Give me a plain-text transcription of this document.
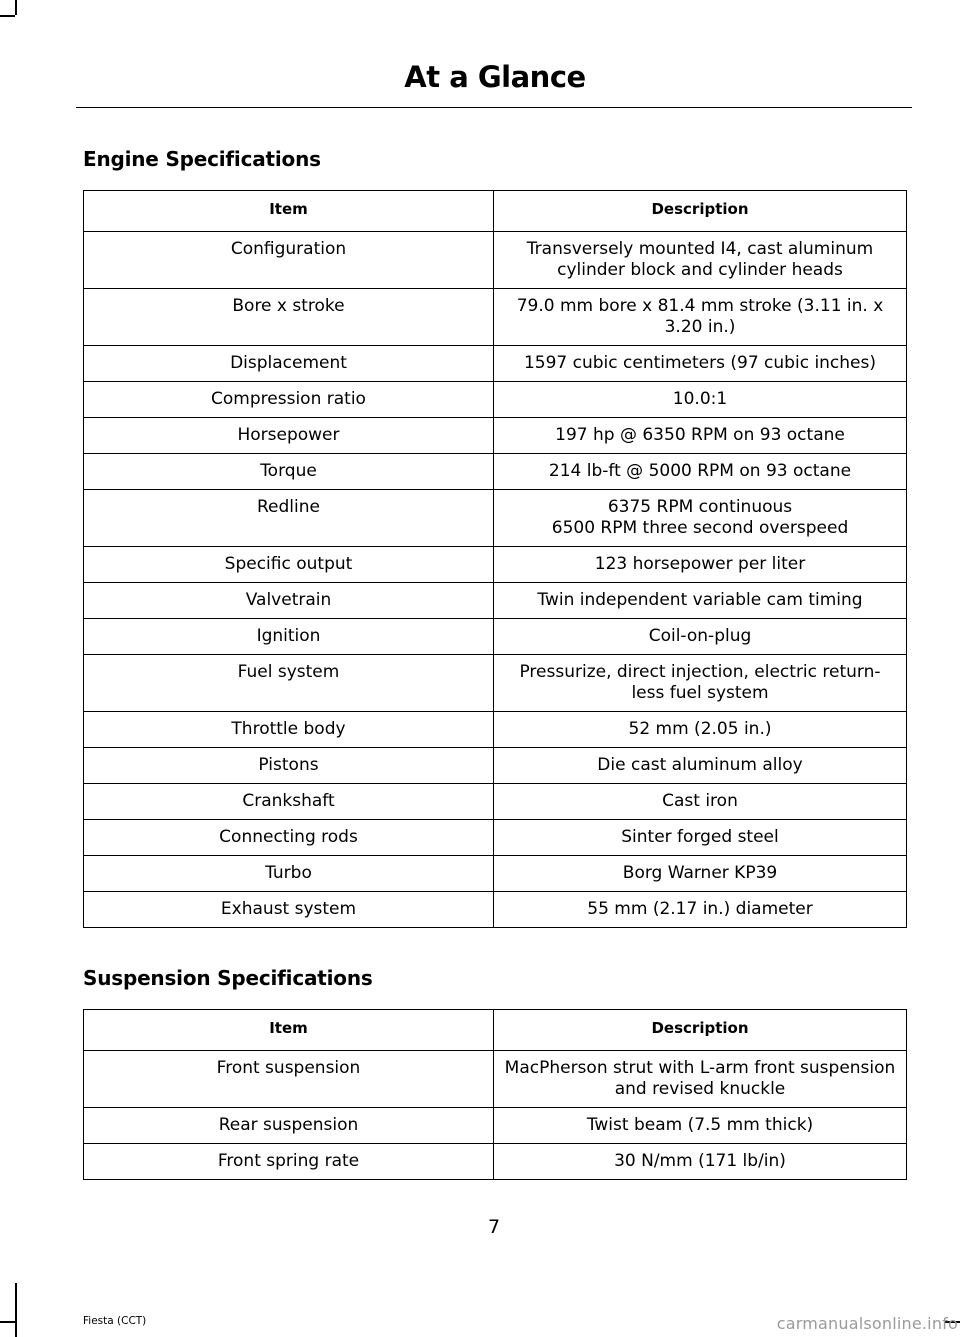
At a Glance
Engine Specifications
Item	Description
Configuration	Transversely mounted I4, cast aluminum cylinder block and cylinder heads
Bore x stroke	79.0 mm bore x 81.4 mm stroke (3.11 in. x 3.20 in.)
Displacement	1597 cubic centimeters (97 cubic inches)
Compression ratio	10.0:1
Horsepower	197 hp @ 6350 RPM on 93 octane
Torque	214 lb-ft @ 5000 RPM on 93 octane
Redline	6375 RPM continuous
6500 RPM three second overspeed
Specific output	123 horsepower per liter
Valvetrain	Twin independent variable cam timing
Ignition	Coil-on-plug
Fuel system	Pressurize, direct injection, electric return-less fuel system
Throttle body	52 mm (2.05 in.)
Pistons	Die cast aluminum alloy
Crankshaft	Cast iron
Connecting rods	Sinter forged steel
Turbo	Borg Warner KP39
Exhaust system	55 mm (2.17 in.) diameter
Suspension Specifications
Item	Description
Front suspension	MacPherson strut with L-arm front suspension and revised knuckle
Rear suspension	Twist beam (7.5 mm thick)
Front spring rate	30 N/mm (171 lb/in)
7
Fiesta (CCT)	carmanualsonline.info
